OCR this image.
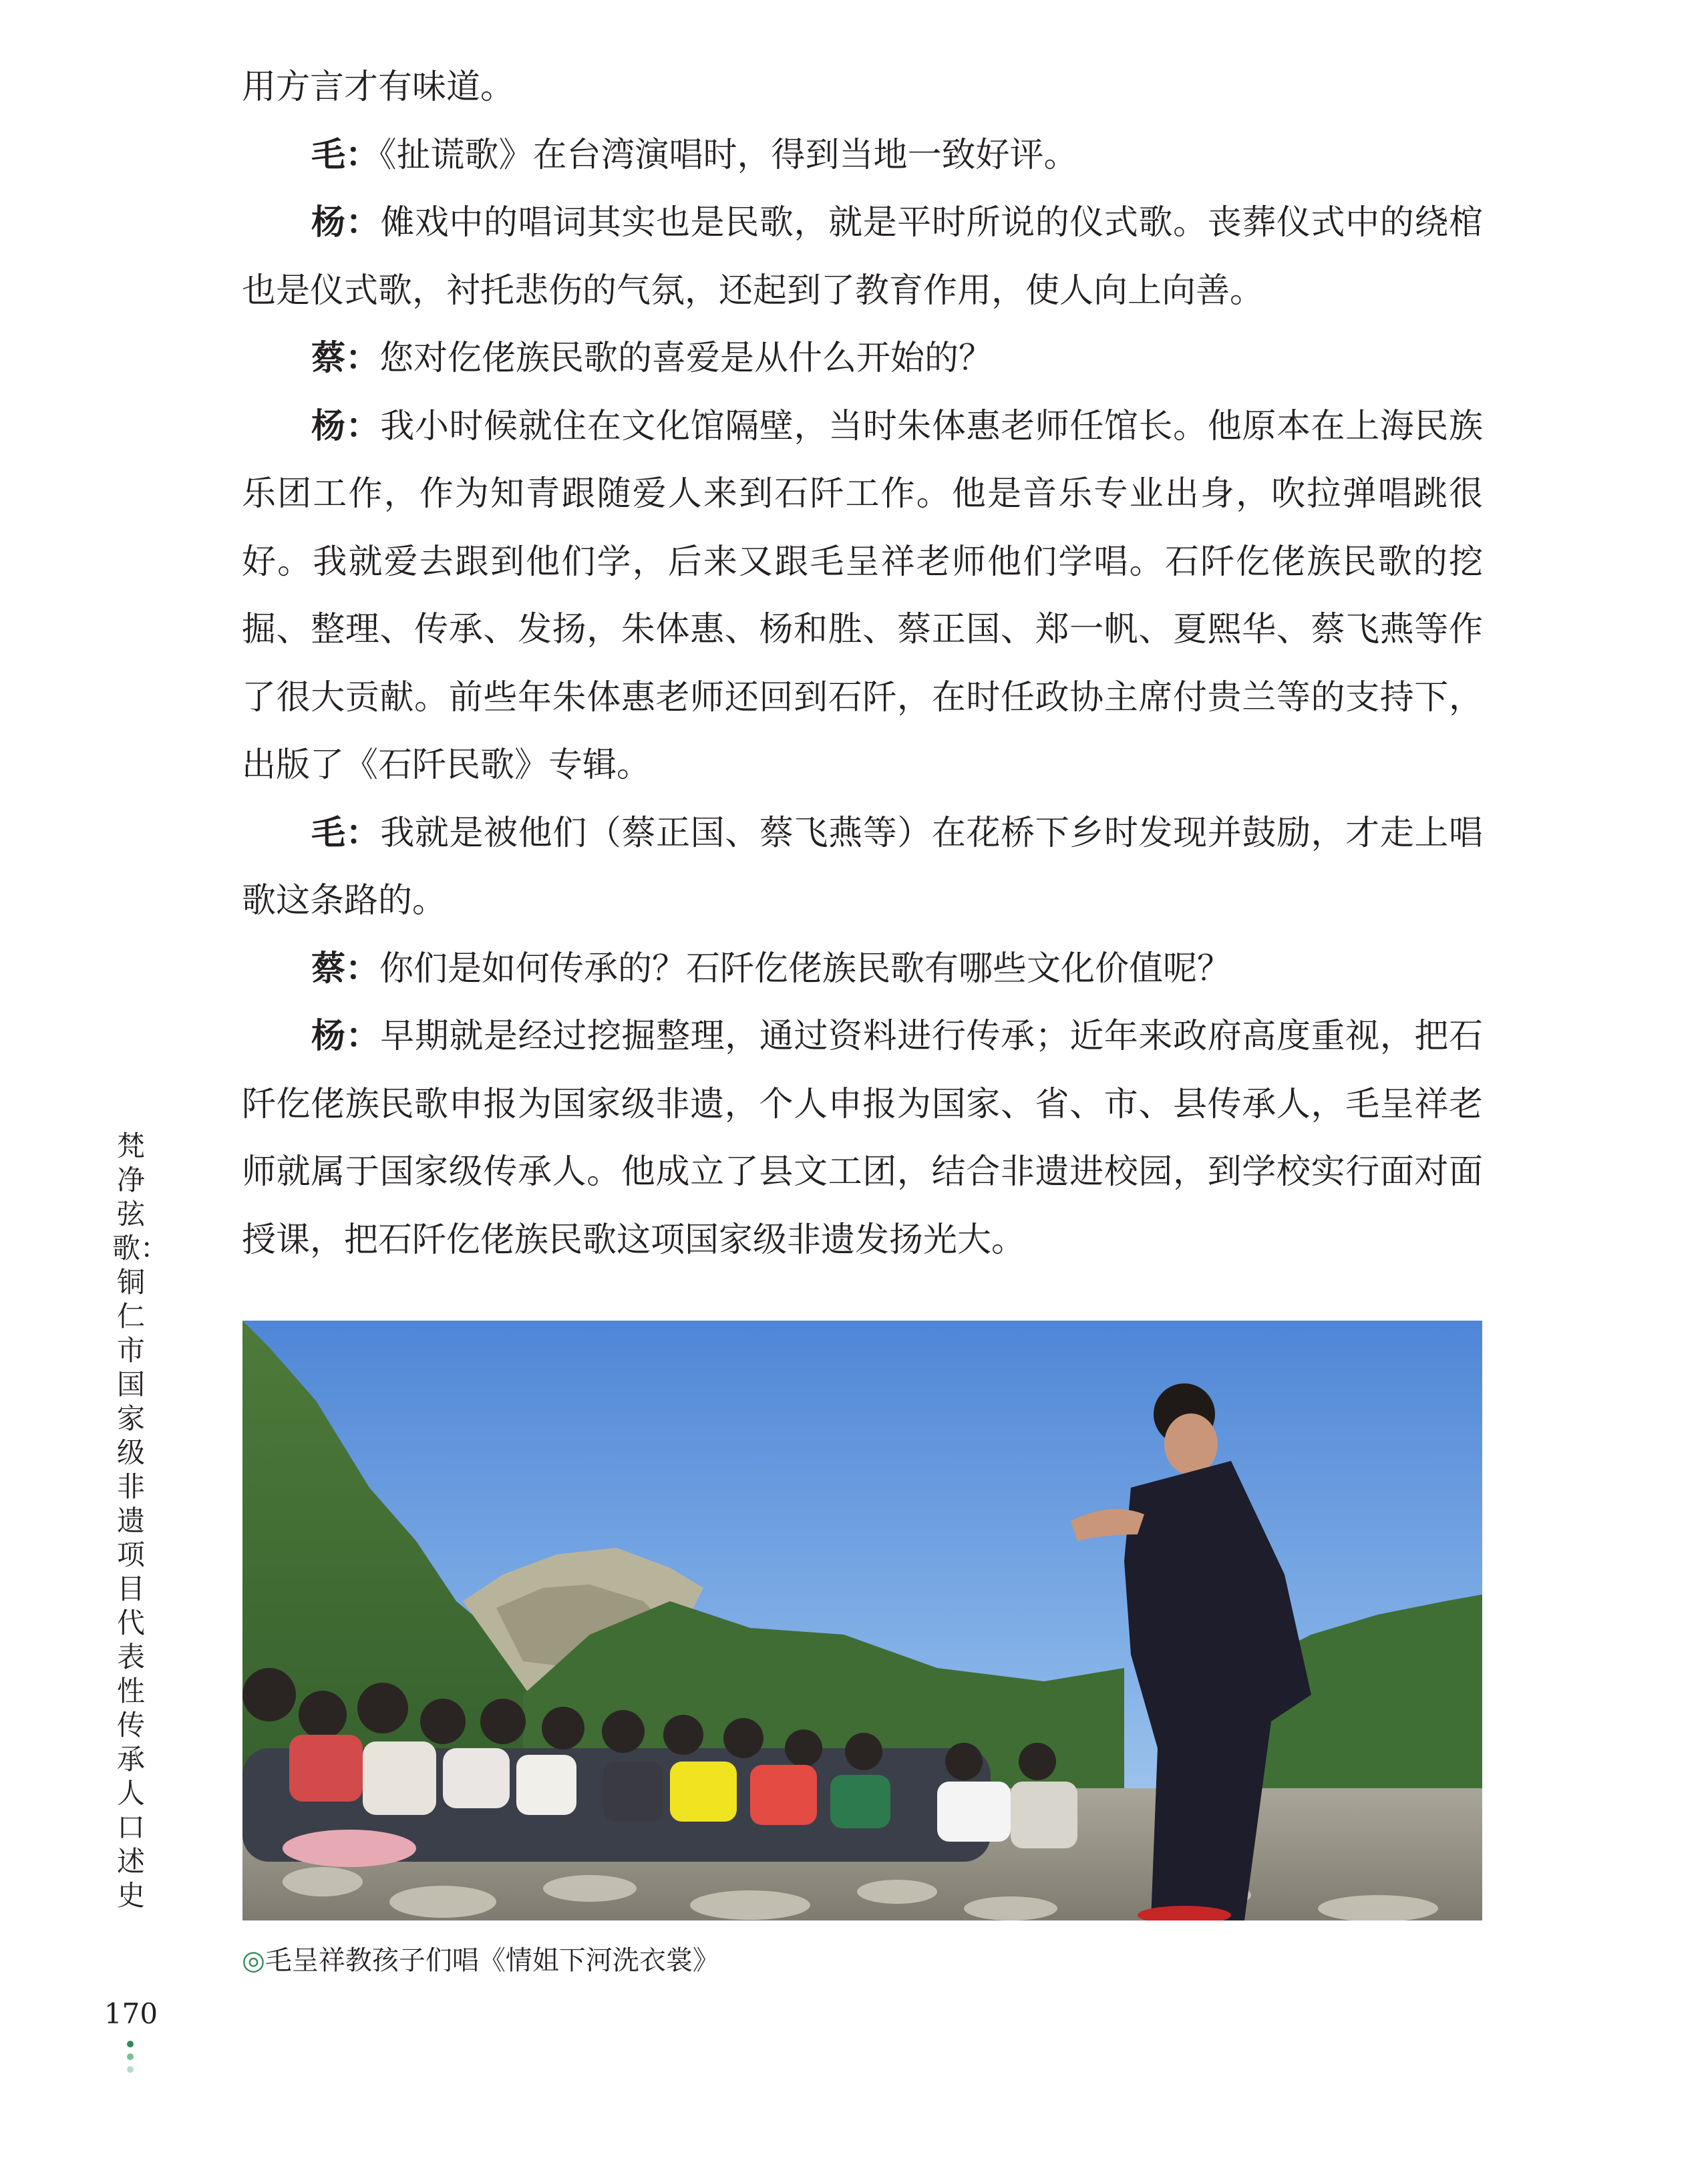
用方言才有味道。

毛：《扯谎歌》在台湾演唱时，得到当地一致好评。

杨：傩戏中的唱词其实也是民歌，就是平时所说的仪式歌。丧葬仪式中的绕棺也是仪式歌，衬托悲伤的气氛，还起到了教育作用，使人向上向善。

蔡：您对仡佬族民歌的喜爱是从什么开始的？

杨：我小时候就住在文化馆隔壁，当时朱体惠老师任馆长。他原本在上海民族乐团工作，作为知青跟随爱人来到石阡工作。他是音乐专业出身，吹拉弹唱跳很好。我就爱去跟到他们学，后来又跟毛呈祥老师他们学唱。石阡仡佬族民歌的挖掘、整理、传承、发扬，朱体惠、杨和胜、蔡正国、郑一帆、夏熙华、蔡飞燕等作了很大贡献。前些年朱体惠老师还回到石阡，在时任政协主席付贵兰等的支持下，出版了《石阡民歌》专辑。

毛：我就是被他们（蔡正国、蔡飞燕等）在花桥下乡时发现并鼓励，才走上唱歌这条路的。

蔡：你们是如何传承的？石阡仡佬族民歌有哪些文化价值呢？

杨：早期就是经过挖掘整理，通过资料进行传承；近年来政府高度重视，把石阡仡佬族民歌申报为国家级非遗，个人申报为国家、省、市、县传承人，毛呈祥老师就属于国家级传承人。他成立了县文工团，结合非遗进校园，到学校实行面对面授课，把石阡仡佬族民歌这项国家级非遗发扬光大。

◎毛呈祥教孩子们唱《情姐下河洗衣裳》
梵净弦歌：铜仁市国家级非遗项目代表性传承人口述史
170
